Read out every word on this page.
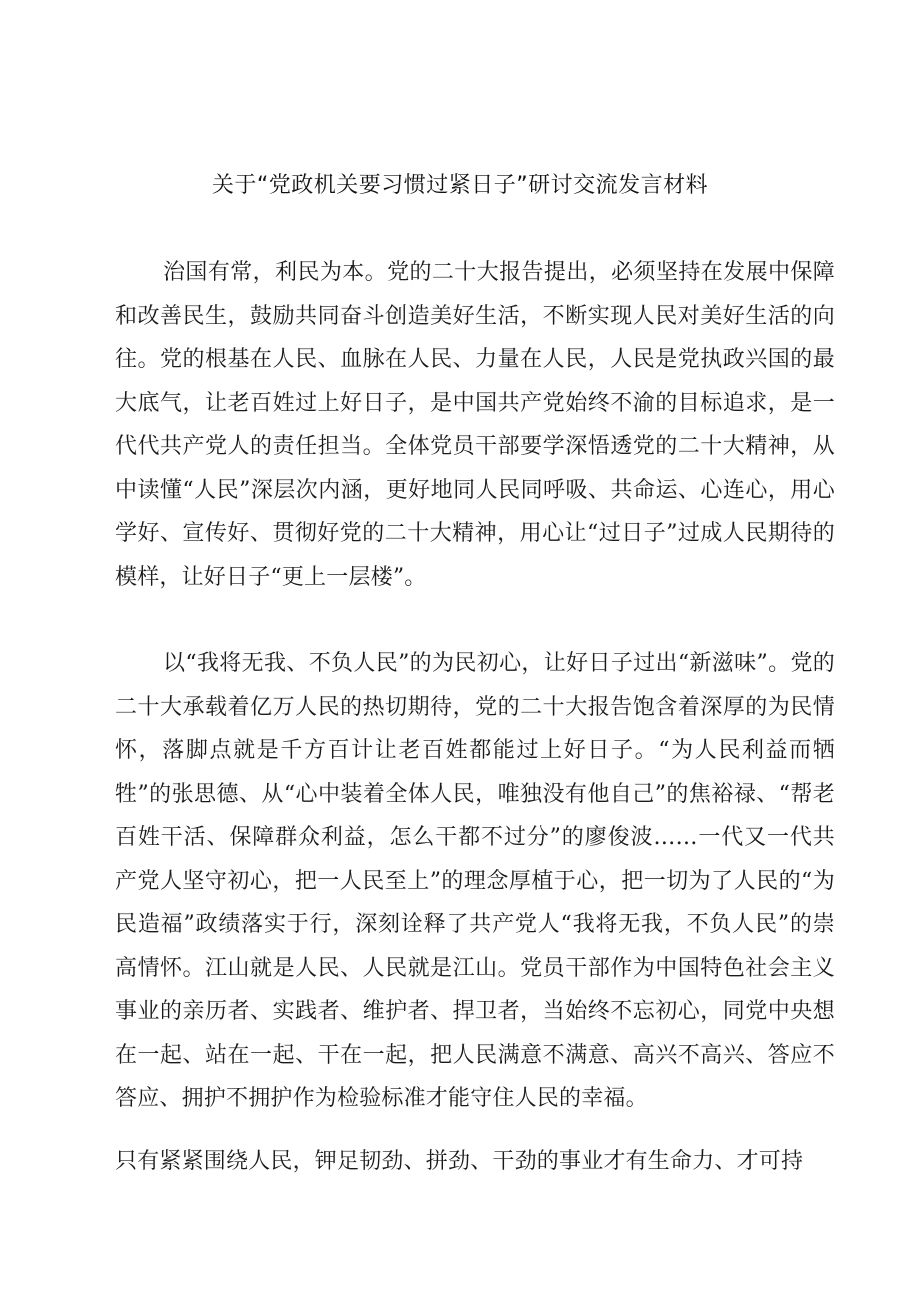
关于“党政机关要习惯过紧日子”研讨交流发言材料

治国有常，利民为本。党的二十大报告提出，必须坚持在发展中保障和改善民生，鼓励共同奋斗创造美好生活，不断实现人民对美好生活的向往。党的根基在人民、血脉在人民、力量在人民，人民是党执政兴国的最大底气，让老百姓过上好日子，是中国共产党始终不渝的目标追求，是一代代共产党人的责任担当。全体党员干部要学深悟透党的二十大精神，从中读懂“人民”深层次内涵，更好地同人民同呼吸、共命运、心连心，用心学好、宣传好、贯彻好党的二十大精神，用心让“过日子”过成人民期待的模样，让好日子“更上一层楼”。

以“我将无我、不负人民”的为民初心，让好日子过出“新滋味”。党的二十大承载着亿万人民的热切期待，党的二十大报告饱含着深厚的为民情怀，落脚点就是千方百计让老百姓都能过上好日子。“为人民利益而牺牲”的张思德、从“心中装着全体人民，唯独没有他自己”的焦裕禄、“帮老百姓干活、保障群众利益，怎么干都不过分”的廖俊波……一代又一代共产党人坚守初心，把一人民至上”的理念厚植于心，把一切为了人民的“为民造福”政绩落实于行，深刻诠释了共产党人“我将无我，不负人民”的崇高情怀。江山就是人民、人民就是江山。党员干部作为中国特色社会主义事业的亲历者、实践者、维护者、捍卫者，当始终不忘初心，同党中央想在一起、站在一起、干在一起，把人民满意不满意、高兴不高兴、答应不答应、拥护不拥护作为检验标准才能守住人民的幸福。

只有紧紧围绕人民，钾足韧劲、拼劲、干劲的事业才有生命力、才可持
